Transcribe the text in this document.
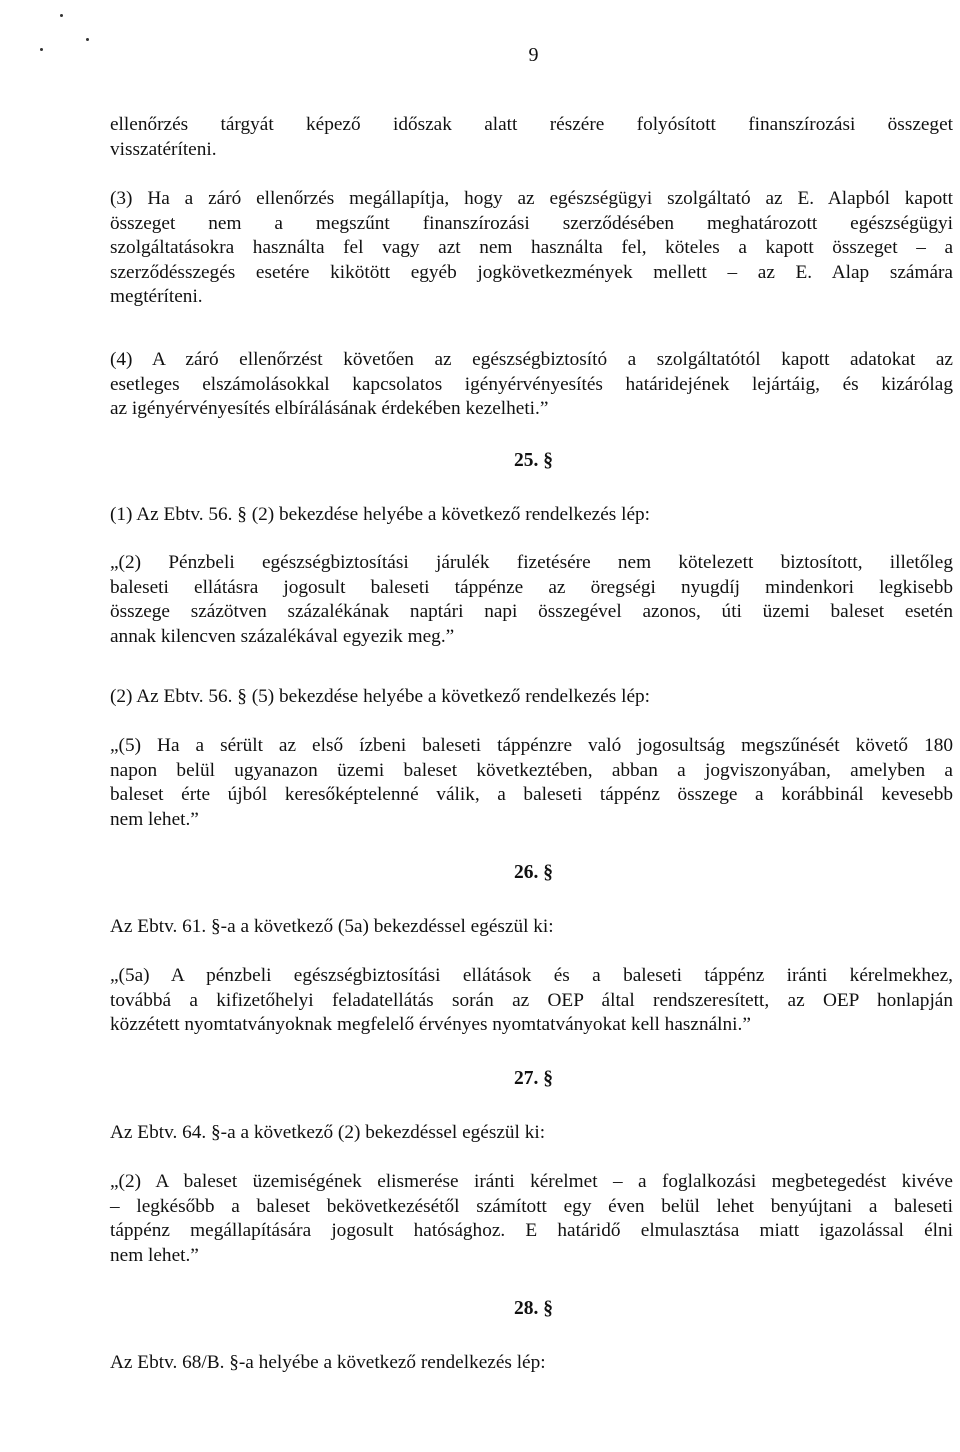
9

ellenőrzés tárgyát képező időszak alatt részére folyósított finanszírozási összeget
visszatéríteni.

(3) Ha a záró ellenőrzés megállapítja, hogy az egészségügyi szolgáltató az E. Alapból kapott
összeget nem a megszűnt finanszírozási szerződésében meghatározott egészségügyi
szolgáltatásokra használta fel vagy azt nem használta fel, köteles a kapott összeget – a
szerződésszegés esetére kikötött egyéb jogkövetkezmények mellett – az E. Alap számára
megtéríteni.

(4) A záró ellenőrzést követően az egészségbiztosító a szolgáltatótól kapott adatokat az
esetleges elszámolásokkal kapcsolatos igényérvényesítés határidejének lejártáig, és kizárólag
az igényérvényesítés elbírálásának érdekében kezelheti.”

25. §

(1) Az Ebtv. 56. § (2) bekezdése helyébe a következő rendelkezés lép:

„(2) Pénzbeli egészségbiztosítási járulék fizetésére nem kötelezett biztosított, illetőleg
baleseti ellátásra jogosult baleseti táppénze az öregségi nyugdíj mindenkori legkisebb
összege százötven százalékának naptári napi összegével azonos, úti üzemi baleset esetén
annak kilencven százalékával egyezik meg.”

(2) Az Ebtv. 56. § (5) bekezdése helyébe a következő rendelkezés lép:

„(5) Ha a sérült az első ízbeni baleseti táppénzre való jogosultság megszűnését követő 180
napon belül ugyanazon üzemi baleset következtében, abban a jogviszonyában, amelyben a
baleset érte újból keresőképtelenné válik, a baleseti táppénz összege a korábbinál kevesebb
nem lehet.”

26. §

Az Ebtv. 61. §-a a következő (5a) bekezdéssel egészül ki:

„(5a) A pénzbeli egészségbiztosítási ellátások és a baleseti táppénz iránti kérelmekhez,
továbbá a kifizetőhelyi feladatellátás során az OEP által rendszeresített, az OEP honlapján
közzétett nyomtatványoknak megfelelő érvényes nyomtatványokat kell használni.”

27. §

Az Ebtv. 64. §-a a következő (2) bekezdéssel egészül ki:

„(2) A baleset üzemiségének elismerése iránti kérelmet – a foglalkozási megbetegedést kivéve
– legkésőbb a baleset bekövetkezésétől számított egy éven belül lehet benyújtani a baleseti
táppénz megállapítására jogosult hatósághoz. E határidő elmulasztása miatt igazolással élni
nem lehet.”

28. §

Az Ebtv. 68/B. §-a helyébe a következő rendelkezés lép:
